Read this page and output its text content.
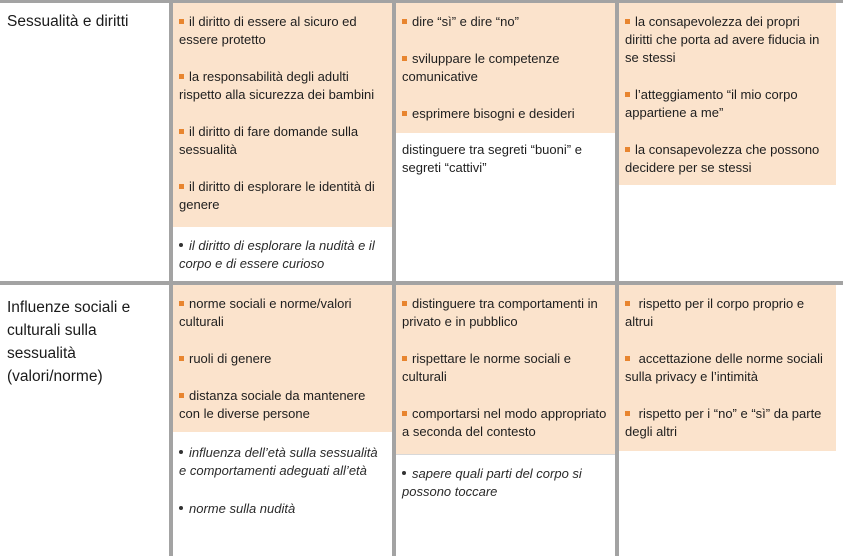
Sessualità e diritti	il diritto di essere al sicuro ed essere protetto
la responsabilità degli adulti rispetto alla sicurezza dei bambini
il diritto di fare domande sulla sessualità
il diritto di esplorare le identità di genere
il diritto di esplorare la nudità e il corpo e di essere curioso
dire “sì” e dire “no”
sviluppare le competenze comunicative
esprimere bisogni e desideri
distinguere tra segreti “buoni” e segreti “cattivi”
la consapevolezza dei propri diritti che porta ad avere fiducia in se stessi
l’atteggiamento “il mio corpo appartiene a me”
la consapevolezza che possono decidere per se stessi
Influenze sociali e culturali sulla sessualità (valori/norme)
norme sociali e norme/valori culturali
ruoli di genere
distanza sociale da mantenere con le diverse persone
influenza dell’età sulla sessualità e comportamenti adeguati all’età
norme sulla nudità
distinguere tra comportamenti in privato e in pubblico
rispettare le norme sociali e culturali
comportarsi nel modo appropriato a seconda del contesto
sapere quali parti del corpo si possono toccare
rispetto per il corpo proprio e altrui
accettazione delle norme sociali sulla privacy e l’intimità
rispetto per i “no” e “sì” da parte degli altri
